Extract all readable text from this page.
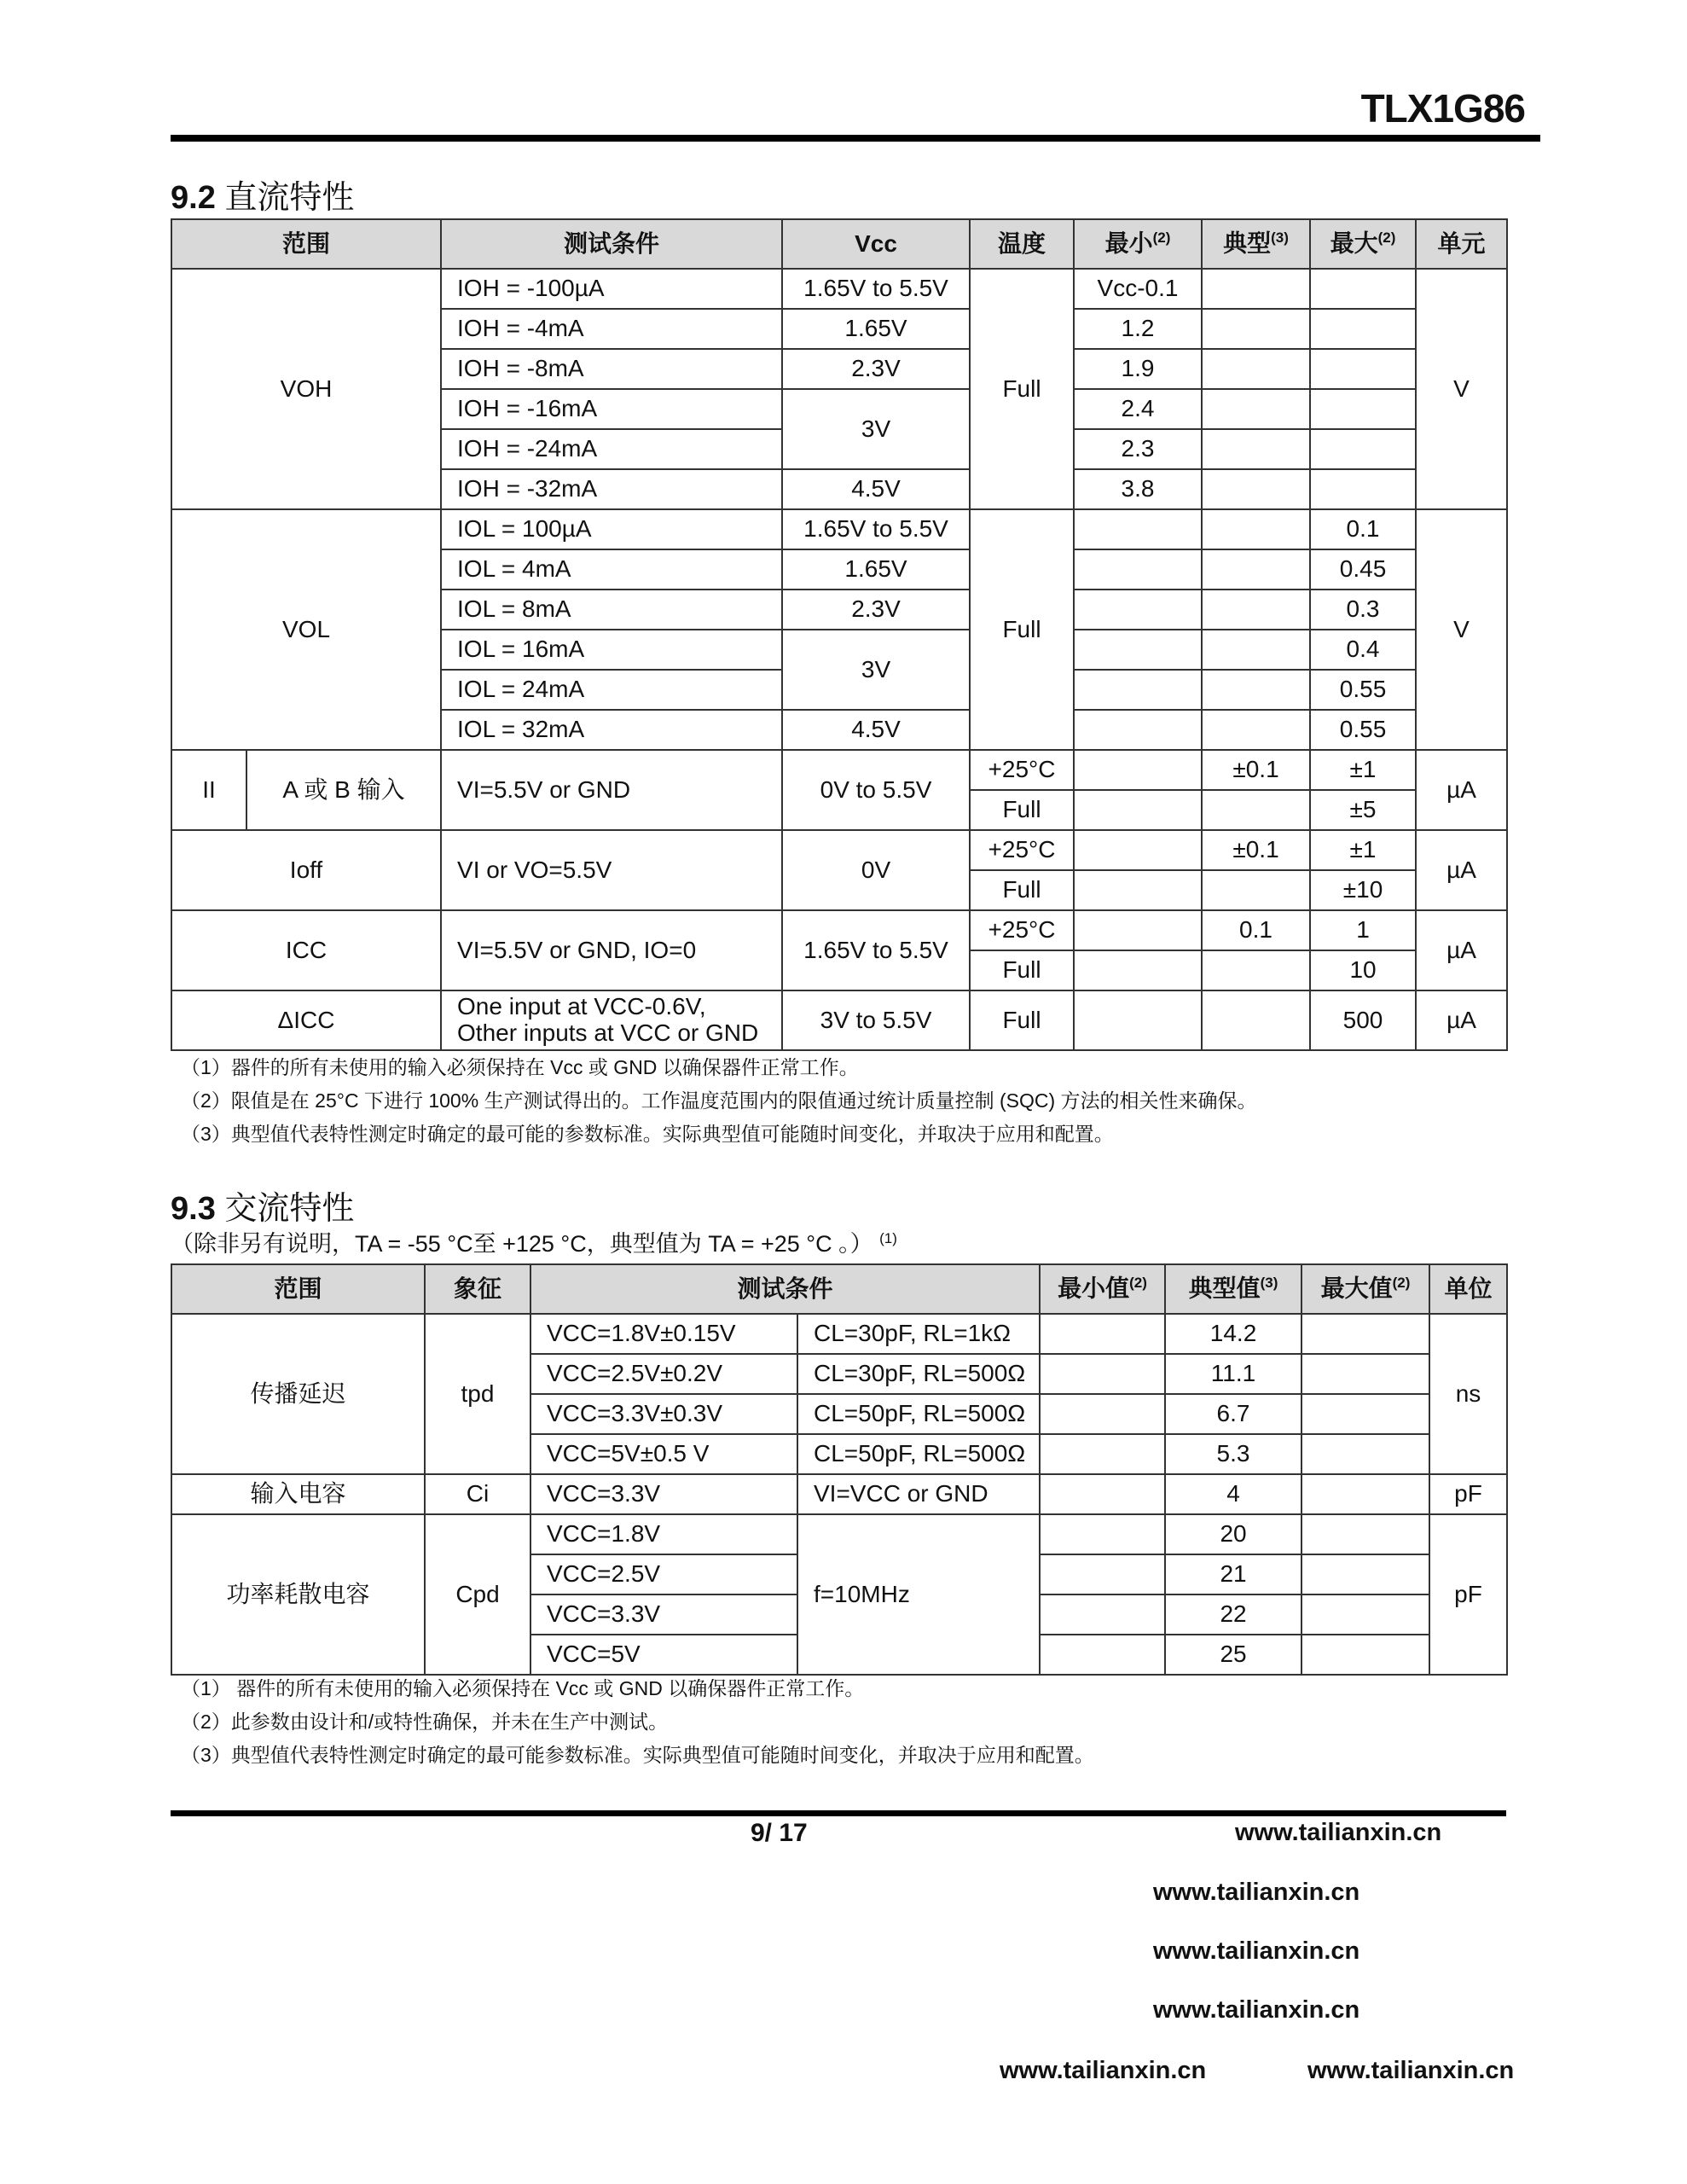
TLX1G86
9.2 直流特性
范围		测试条件	Vcc	温度	最小$^{(2)}$	典型$^{(3)}$	最大$^{(2)}$	单元
VOH		IOH = -100µA	1.65V to 5.5V	Full	Vcc-0.1			V
		IOH = -4mA	1.65V		1.2			
		IOH = -8mA	2.3V		1.9			
		IOH = -16mA	3V		2.4			
		IOH = -24mA			2.3			
		IOH = -32mA	4.5V		3.8			
VOL		IOL = 100µA	1.65V to 5.5V	Full			0.1	V
		IOL = 4mA	1.65V				0.45	
		IOL = 8mA	2.3V				0.3	
		IOL = 16mA	3V				0.4	
		IOL = 24mA					0.55	
		IOL = 32mA	4.5V				0.55	
II	A 或 B 输入	VI=5.5V or GND	0V to 5.5V	+25°C		±0.1	±1	µA
				Full			±5	
Ioff		VI or VO=5.5V	0V	+25°C		±0.1	±1	µA
				Full			±10	
ICC		VI=5.5V or GND, IO=0	1.65V to 5.5V	+25°C		0.1	1	µA
				Full			10	
ΔICC		One input at VCC-0.6V,
Other inputs at VCC or GND	3V to 5.5V	Full			500	µA
（1）器件的所有未使用的输入必须保持在 Vcc 或 GND 以确保器件正常工作。
（2）限值是在 25°C 下进行 100% 生产测试得出的。工作温度范围内的限值通过统计质量控制 (SQC) 方法的相关性来确保。
（3）典型值代表特性测定时确定的最可能的参数标准。实际典型值可能随时间变化，并取决于应用和配置。
9.3 交流特性
（除非另有说明，TA = -55 °C至 +125 °C，典型值为 TA = +25 °C 。） $^{(1)}$
范围	象征	测试条件		最小值$^{(2)}$	典型值$^{(3)}$	最大值$^{(2)}$	单位
传播延迟	tpd	VCC=1.8V±0.15V	CL=30pF, RL=1kΩ		14.2		ns
		VCC=2.5V±0.2V	CL=30pF, RL=500Ω		11.1		
		VCC=3.3V±0.3V	CL=50pF, RL=500Ω		6.7		
		VCC=5V±0.5 V	CL=50pF, RL=500Ω		5.3		
输入电容	Ci	VCC=3.3V	VI=VCC or GND		4		pF
功率耗散电容	Cpd	VCC=1.8V	f=10MHz		20		pF
		VCC=2.5V			21		
		VCC=3.3V			22		
		VCC=5V			25		
（1） 器件的所有未使用的输入必须保持在 Vcc 或 GND 以确保器件正常工作。
（2）此参数由设计和/或特性确保，并未在生产中测试。
（3）典型值代表特性测定时确定的最可能参数标准。实际典型值可能随时间变化，并取决于应用和配置。
9/ 17	www.tailianxin.cn
www.tailianxin.cn
www.tailianxin.cn
www.tailianxin.cn
www.tailianxin.cn	www.tailianxin.cn
